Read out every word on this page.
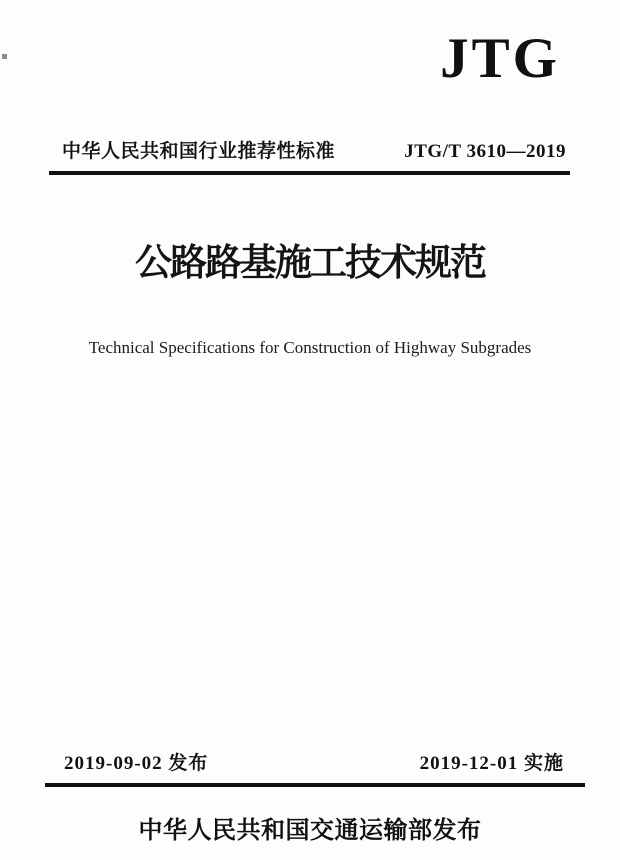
JTG
中华人民共和国行业推荐性标准	JTG/T 3610—2019
公路路基施工技术规范
Technical Specifications for Construction of Highway Subgrades
2019-09-02 发布	2019-12-01 实施
中华人民共和国交通运输部发布
